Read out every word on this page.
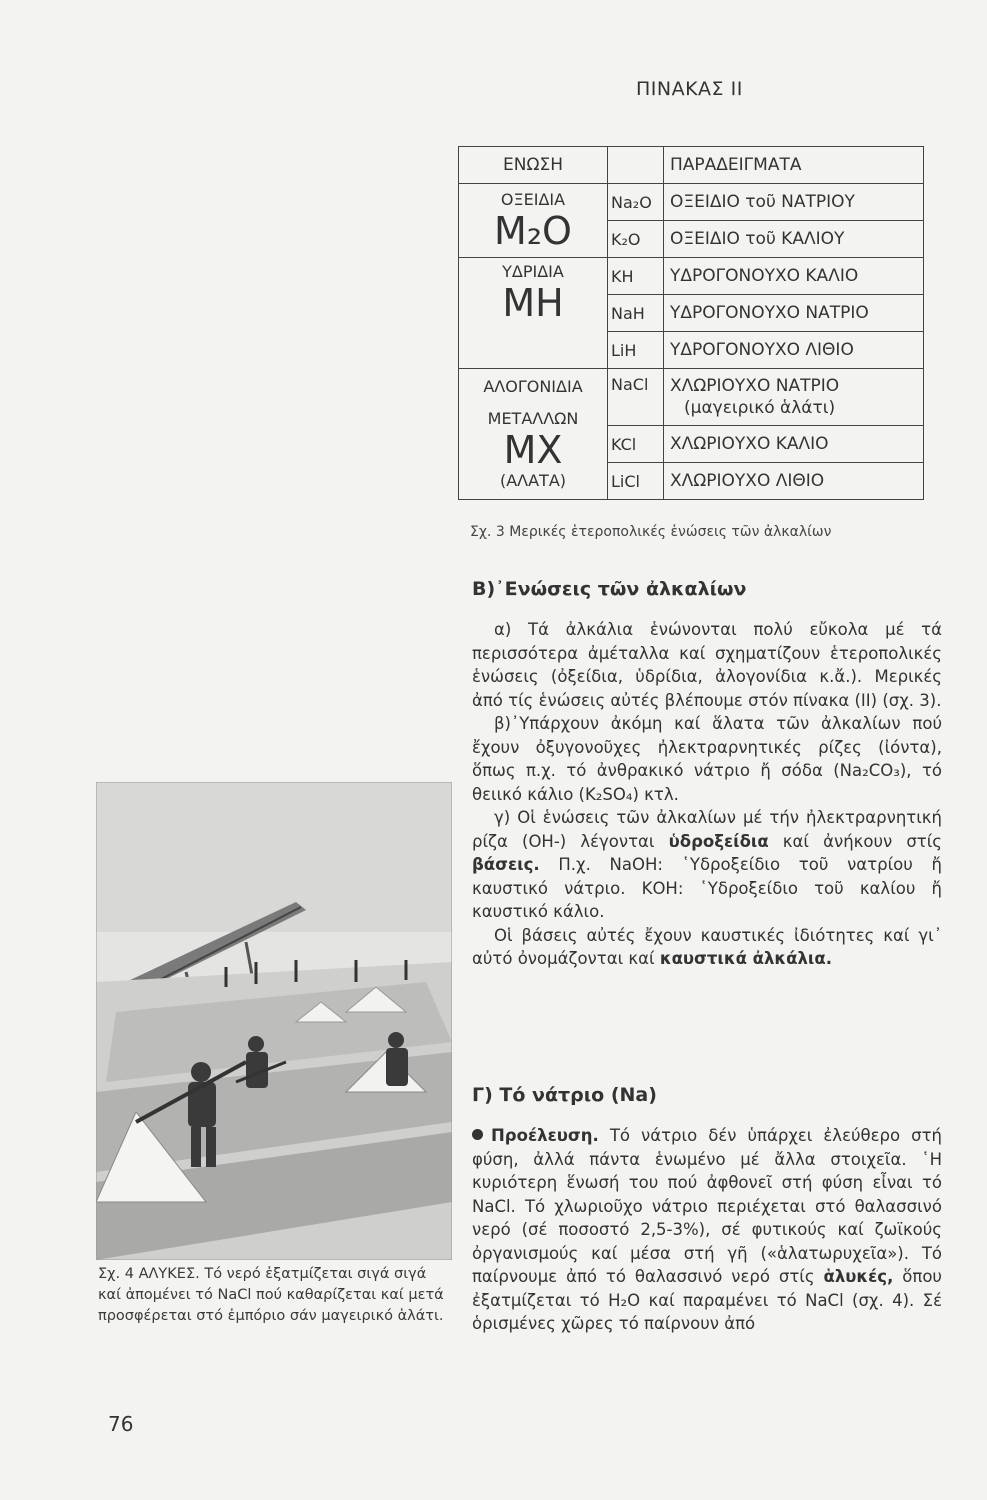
ΠΙΝΑΚΑΣ ΙΙ
ΕΝΩΣΗ		ΠΑΡΑΔΕΙΓΜΑΤΑ

ΟΞΕΙΔΙΑ
M₂O	Na₂O	ΟΞΕΙΔΙΟ τοῦ ΝΑΤΡΙΟΥ
	K₂O	ΟΞΕΙΔΙΟ τοῦ ΚΑΛΙΟΥ

ΥΔΡΙΔΙΑ
MH	ΚΗ	ΥΔΡΟΓΟΝΟΥΧΟ ΚΑΛΙΟ
	NaH	ΥΔΡΟΓΟΝΟΥΧΟ ΝΑΤΡΙΟ
	LiH	ΥΔΡΟΓΟΝΟΥΧΟ ΛΙΘΙΟ

ΑΛΟΓΟΝΙΔΙΑ
ΜΕΤΑΛΛΩΝ
MX
(ΑΛΑΤΑ)	NaCl	ΧΛΩΡΙΟΥΧΟ ΝΑΤΡΙΟ
(μαγειρικό ἁλάτι)
	KCl	ΧΛΩΡΙΟΥΧΟ ΚΑΛΙΟ
	LiCl	ΧΛΩΡΙΟΥΧΟ ΛΙΘΙΟ
Σχ. 3 Μερικές ἑτεροπολικές ἑνώσεις τῶν ἀλκαλίων
Β)᾿Ενώσεις τῶν ἀλκαλίων

α) Τά ἀλκάλια ἑνώνονται πολύ εὔκολα μέ τά περισσότερα ἀμέταλλα καί σχηματίζουν ἑτεροπολικές ἑνώσεις (ὀξείδια, ὑδρίδια, ἀλογονίδια κ.ἄ.). Μερικές ἀπό τίς ἑνώσεις αὐτές βλέπουμε στόν πίνακα (ΙΙ) (σχ. 3).

β)᾿Υπάρχουν ἀκόμη καί ἅλατα τῶν ἀλκαλίων πού ἔχουν ὀξυγονοῦχες ἠλεκτραρνητικές ρίζες (ἰόντα), ὅπως π.χ. τό ἀνθρακικό νάτριο ἤ σόδα (Na₂CO₃), τό θειικό κάλιο (K₂SO₄) κτλ.

γ) Οἱ ἑνώσεις τῶν ἀλκαλίων μέ τήν ἠλεκτραρνητική ρίζα (ΟΗ-) λέγονται ὑδροξείδια καί ἀνήκουν στίς βάσεις. Π.χ. NaOH: ῾Υδροξείδιο τοῦ νατρίου ἤ καυστικό νάτριο. ΚΟΗ: ῾Υδροξείδιο τοῦ καλίου ἤ καυστικό κάλιο.

Οἱ βάσεις αὐτές ἔχουν καυστικές ἰδιότητες καί γι᾿ αὐτό ὀνομάζονται καί καυστικά ἀλκάλια.

Γ) Τό νάτριο (Na)

Προέλευση. Τό νάτριο δέν ὑπάρχει ἐλεύθερο στή φύση, ἀλλά πάντα ἑνωμένο μέ ἄλλα στοιχεῖα. ῾Η κυριότερη ἕνωσή του πού ἀφθονεῖ στή φύση εἶναι τό NaCl. Τό χλωριοῦχο νάτριο περιέχεται στό θαλασσινό νερό (σέ ποσοστό 2,5-3%), σέ φυτικούς καί ζωϊκούς ὀργανισμούς καί μέσα στή γῆ («ἁλατωρυχεῖα»). Τό παίρνουμε ἀπό τό θαλασσινό νερό στίς ἁλυκές, ὅπου ἐξατμίζεται τό H₂O καί παραμένει τό NaCl (σχ. 4). Σέ ὁρισμένες χῶρες τό παίρνουν ἀπό

Σχ. 4 ΑΛΥΚΕΣ. Τό νερό ἐξατμίζεται σιγά σιγά καί ἀπομένει τό NaCl πού καθαρίζεται καί μετά προσφέρεται στό ἐμπόριο σάν μαγειρικό ἁλάτι.
76
